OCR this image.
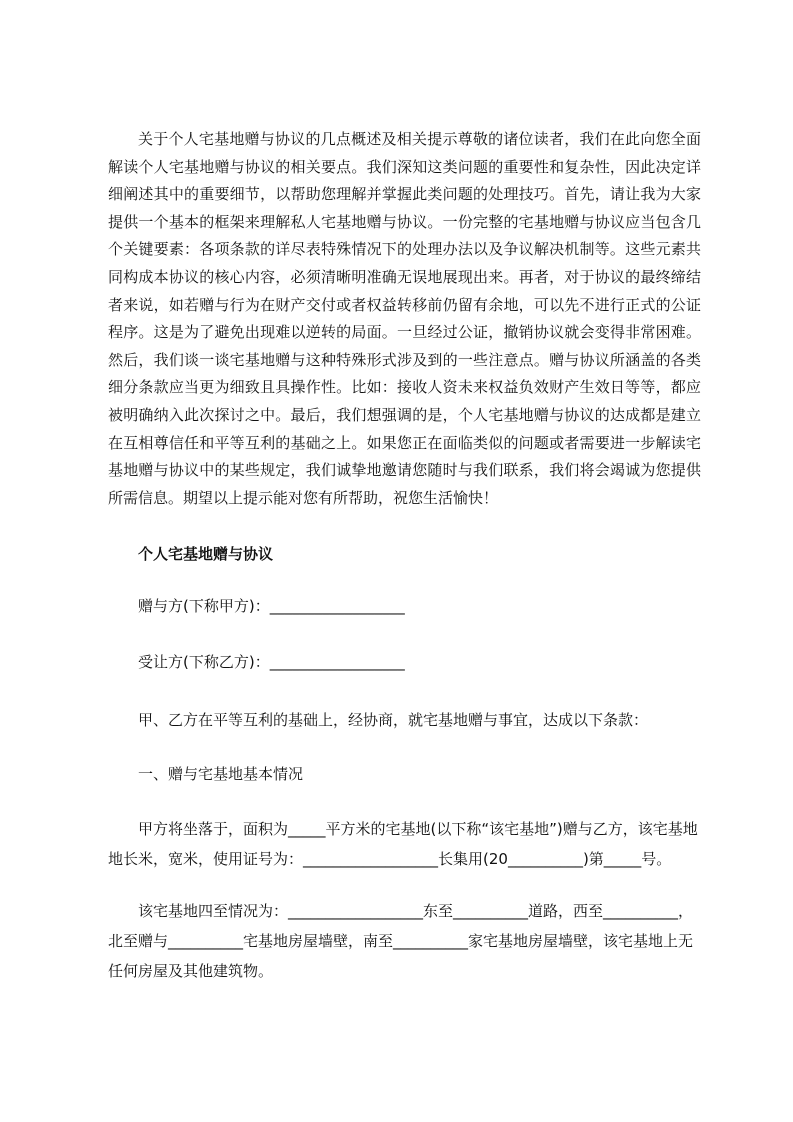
关于个人宅基地赠与协议的几点概述及相关提示尊敬的诸位读者，我们在此向您全面解读个人宅基地赠与协议的相关要点。我们深知这类问题的重要性和复杂性，因此决定详细阐述其中的重要细节，以帮助您理解并掌握此类问题的处理技巧。首先，请让我为大家提供一个基本的框架来理解私人宅基地赠与协议。一份完整的宅基地赠与协议应当包含几个关键要素：各项条款的详尽表特殊情况下的处理办法以及争议解决机制等。这些元素共同构成本协议的核心内容，必须清晰明准确无误地展现出来。再者，对于协议的最终缔结者来说，如若赠与行为在财产交付或者权益转移前仍留有余地，可以先不进行正式的公证程序。这是为了避免出现难以逆转的局面。一旦经过公证，撤销协议就会变得非常困难。然后，我们谈一谈宅基地赠与这种特殊形式涉及到的一些注意点。赠与协议所涵盖的各类细分条款应当更为细致且具操作性。比如：接收人资未来权益负效财产生效日等等，都应被明确纳入此次探讨之中。最后，我们想强调的是，个人宅基地赠与协议的达成都是建立在互相尊信任和平等互利的基础之上。如果您正在面临类似的问题或者需要进一步解读宅基地赠与协议中的某些规定，我们诚挚地邀请您随时与我们联系，我们将会竭诚为您提供所需信息。期望以上提示能对您有所帮助，祝您生活愉快！

个人宅基地赠与协议

赠与方(下称甲方)：__________________

受让方(下称乙方)：__________________

甲、乙方在平等互利的基础上，经协商，就宅基地赠与事宜，达成以下条款：

一、赠与宅基地基本情况

甲方将坐落于，面积为_____平方米的宅基地(以下称“该宅基地”)赠与乙方，该宅基地地长米，宽米，使用证号为：__________________长集用(20__________)第_____号。

该宅基地四至情况为：__________________东至__________道路，西至__________，北至赠与__________宅基地房屋墙壁，南至__________家宅基地房屋墙壁，该宅基地上无任何房屋及其他建筑物。
